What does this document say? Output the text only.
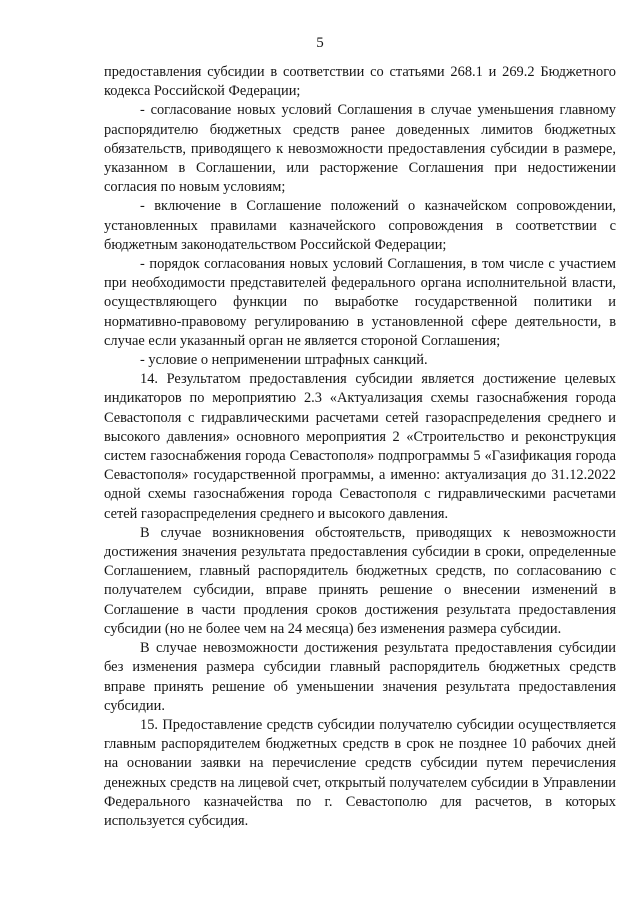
5

предоставления субсидии в соответствии со статьями 268.1 и 269.2 Бюджетного кодекса Российской Федерации;

- согласование новых условий Соглашения в случае уменьшения главному распорядителю бюджетных средств ранее доведенных лимитов бюджетных обязательств, приводящего к невозможности предоставления субсидии в размере, указанном в Соглашении, или расторжение Соглашения при недостижении согласия по новым условиям;

- включение в Соглашение положений о казначейском сопровождении, установленных правилами казначейского сопровождения в соответствии с бюджетным законодательством Российской Федерации;

- порядок согласования новых условий Соглашения, в том числе с участием при необходимости представителей федерального органа исполнительной власти, осуществляющего функции по выработке государственной политики и нормативно-правовому регулированию в установленной сфере деятельности, в случае если указанный орган не является стороной Соглашения;

- условие о неприменении штрафных санкций.

14. Результатом предоставления субсидии является достижение целевых индикаторов по мероприятию 2.3 «Актуализация схемы газоснабжения города Севастополя с гидравлическими расчетами сетей газораспределения среднего и высокого давления» основного мероприятия 2 «Строительство и реконструкция систем газоснабжения города Севастополя» подпрограммы 5 «Газификация города Севастополя» государственной программы, а именно: актуализация до 31.12.2022 одной схемы газоснабжения города Севастополя с гидравлическими расчетами сетей газораспределения среднего и высокого давления.

В случае возникновения обстоятельств, приводящих к невозможности достижения значения результата предоставления субсидии в сроки, определенные Соглашением, главный распорядитель бюджетных средств, по согласованию с получателем субсидии, вправе принять решение о внесении изменений в Соглашение в части продления сроков достижения результата предоставления субсидии (но не более чем на 24 месяца) без изменения размера субсидии.

В случае невозможности достижения результата предоставления субсидии без изменения размера субсидии главный распорядитель бюджетных средств вправе принять решение об уменьшении значения результата предоставления субсидии.

15. Предоставление средств субсидии получателю субсидии осуществляется главным распорядителем бюджетных средств в срок не позднее 10 рабочих дней на основании заявки на перечисление средств субсидии путем перечисления денежных средств на лицевой счет, открытый получателем субсидии в Управлении Федерального казначейства по г. Севастополю для расчетов, в которых используется субсидия.
